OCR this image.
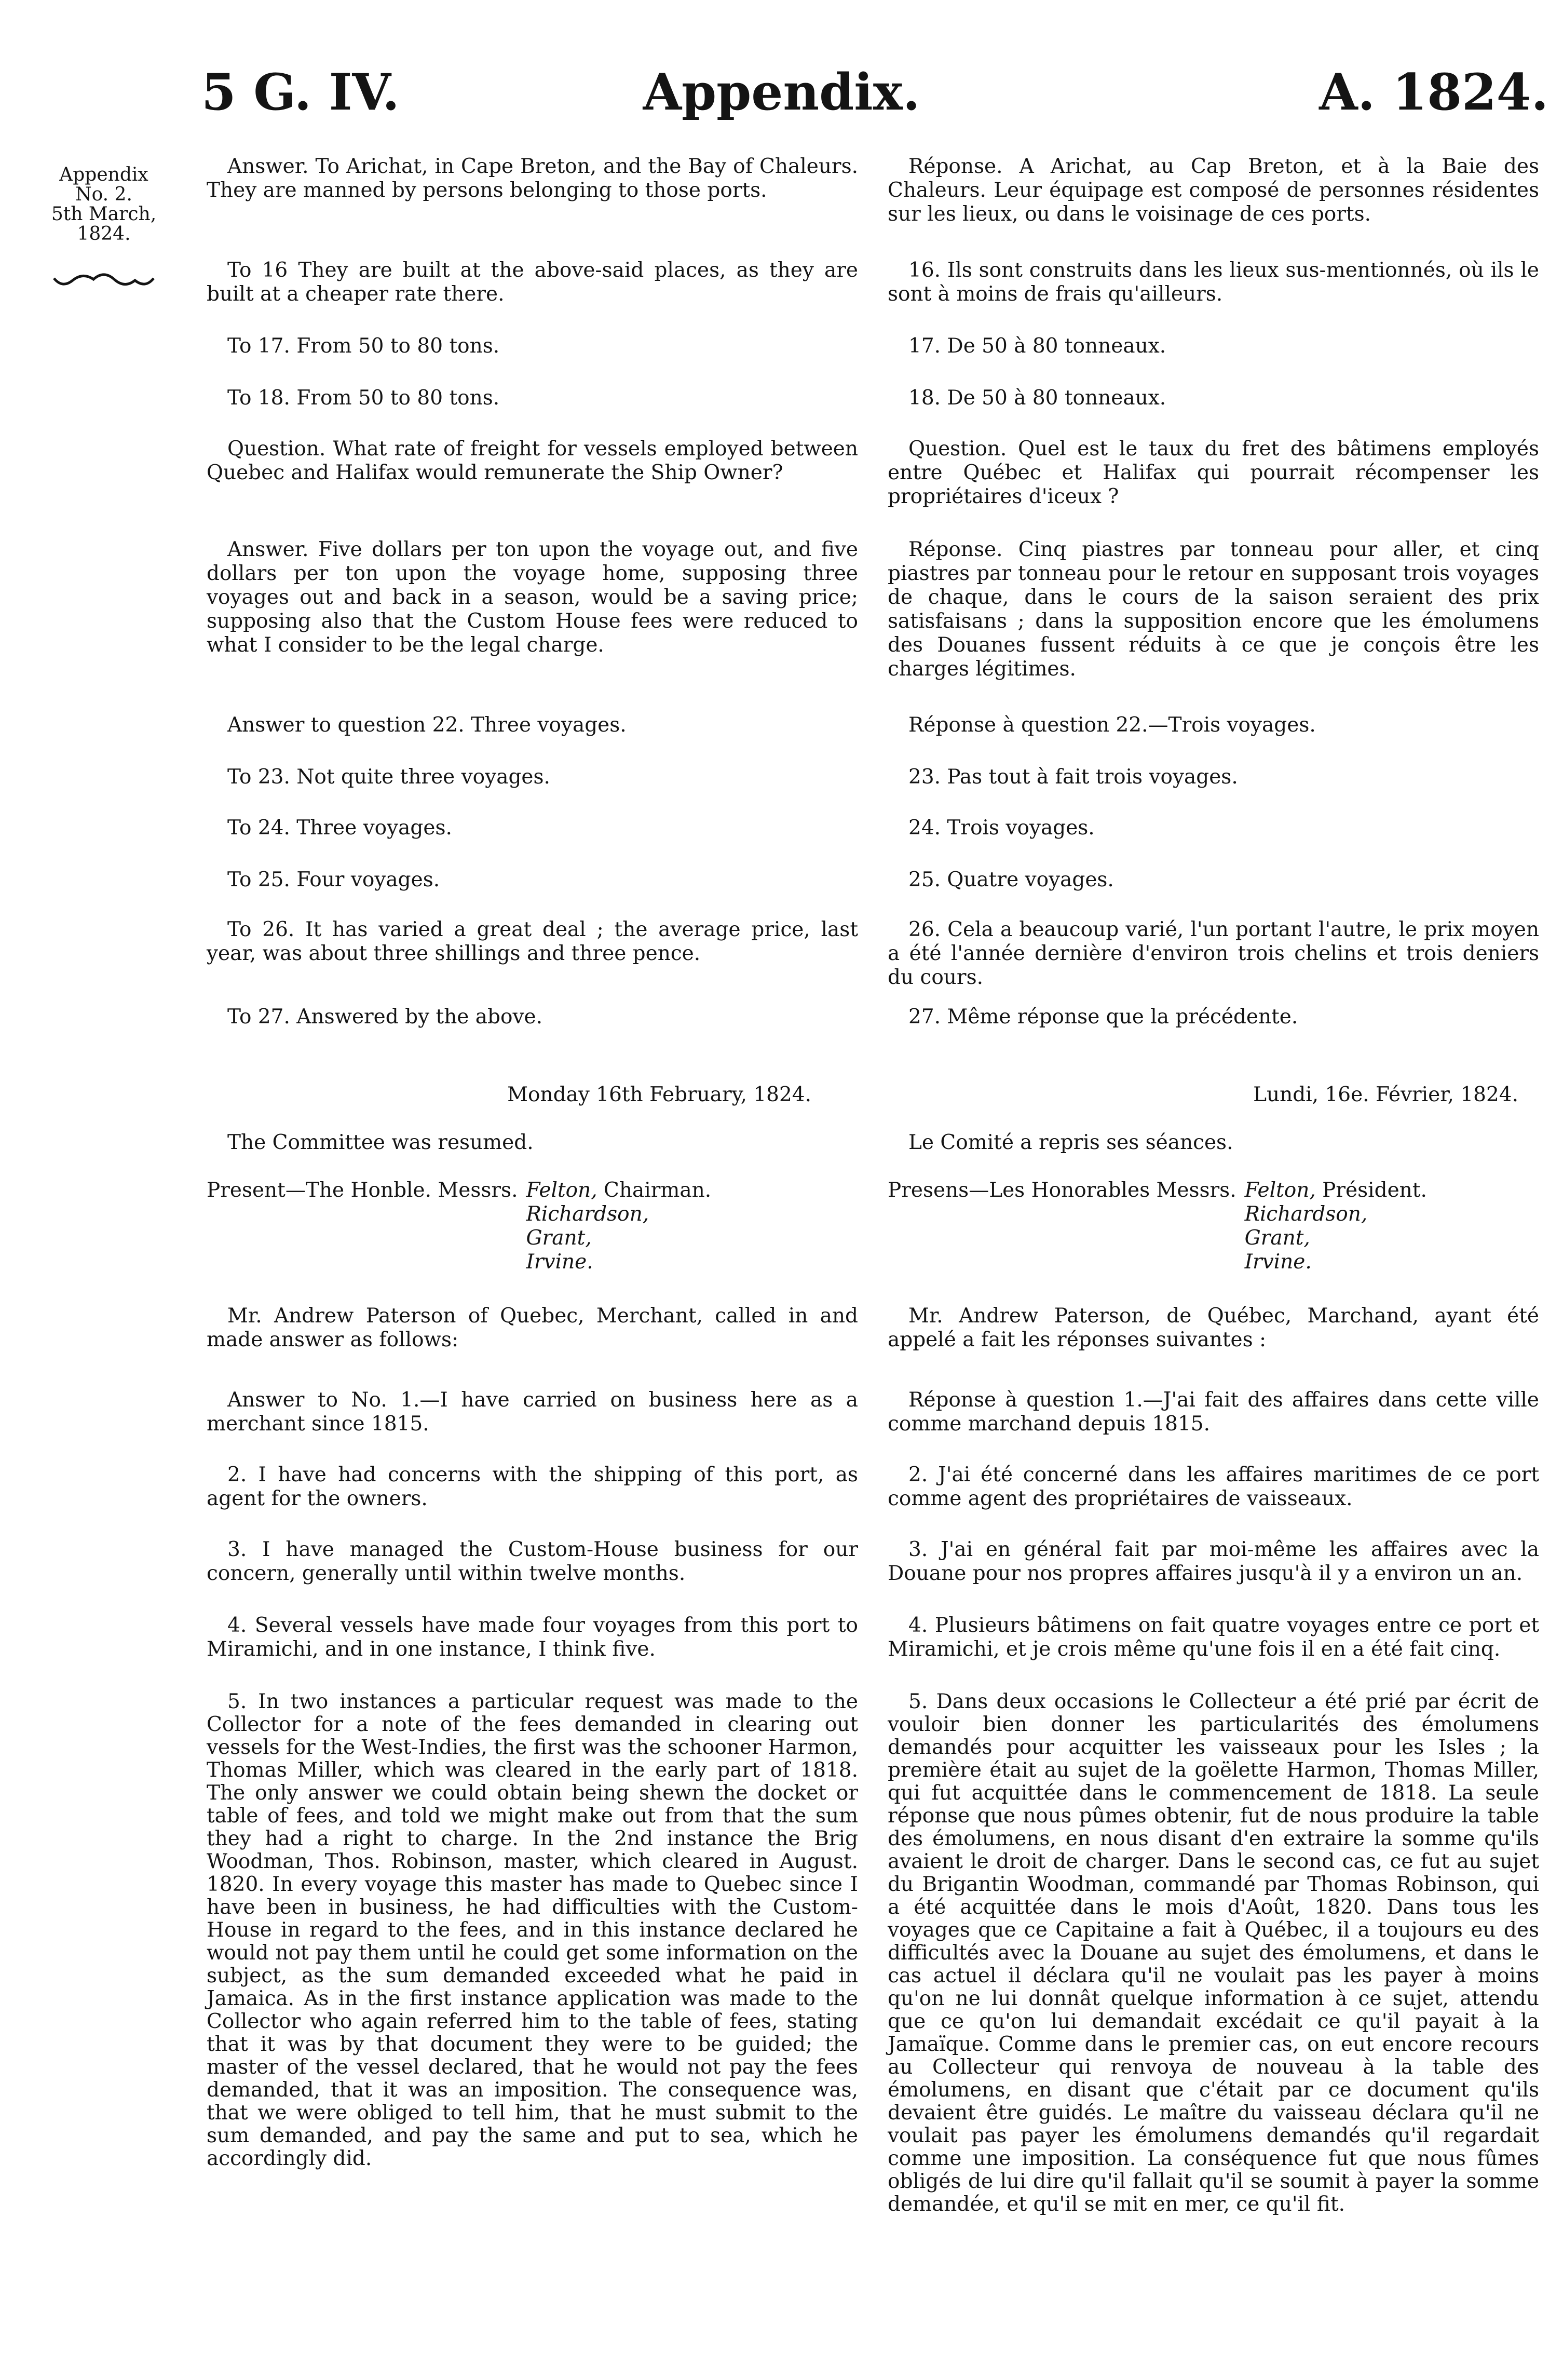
5 G. IV.	Appendix.	A. 1824.
Appendix
No. 2.
5th March,
1824.

Answer. To Arichat, in Cape Breton, and the Bay of Chaleurs. They are manned by persons belonging to those ports.

To 16 They are built at the above-said places, as they are built at a cheaper rate there.

To 17. From 50 to 80 tons.

To 18. From 50 to 80 tons.

Question. What rate of freight for vessels employed between Quebec and Halifax would remunerate the Ship Owner?

Answer. Five dollars per ton upon the voyage out, and five dollars per ton upon the voyage home, supposing three voyages out and back in a season, would be a saving price; supposing also that the Custom House fees were reduced to what I consider to be the legal charge.

Answer to question 22. Three voyages.

To 23. Not quite three voyages.

To 24. Three voyages.

To 25. Four voyages.

To 26. It has varied a great deal ; the average price, last year, was about three shillings and three pence.

To 27. Answered by the above.

Monday 16th February, 1824.

The Committee was resumed.

Present—The Honble. Messrs. Felton, Chairman.
Richardson,
Grant,
Irvine.

Mr. Andrew Paterson of Quebec, Merchant, called in and made answer as follows:

Answer to No. 1.—I have carried on business here as a merchant since 1815.

2. I have had concerns with the shipping of this port, as agent for the owners.

3. I have managed the Custom-House business for our concern, generally until within twelve months.

4. Several vessels have made four voyages from this port to Miramichi, and in one instance, I think five.

5. In two instances a particular request was made to the Collector for a note of the fees demanded in clearing out vessels for the West-Indies, the first was the schooner Harmon, Thomas Miller, which was cleared in the early part of 1818. The only answer we could obtain being shewn the docket or table of fees, and told we might make out from that the sum they had a right to charge. In the 2nd instance the Brig Woodman, Thos. Robinson, master, which cleared in August. 1820. In every voyage this master has made to Quebec since I have been in business, he had difficulties with the Custom-House in regard to the fees, and in this instance declared he would not pay them until he could get some information on the subject, as the sum demanded exceeded what he paid in Jamaica. As in the first instance application was made to the Collector who again referred him to the table of fees, stating that it was by that document they were to be guided; the master of the vessel declared, that he would not pay the fees demanded, that it was an imposition. The consequence was, that we were obliged to tell him, that he must submit to the sum demanded, and pay the same and put to sea, which he accordingly did.

Réponse. A Arichat, au Cap Breton, et à la Baie des Chaleurs. Leur équipage est composé de personnes résidentes sur les lieux, ou dans le voisinage de ces ports.

16. Ils sont construits dans les lieux sus-mentionnés, où ils le sont à moins de frais qu'ailleurs.

17. De 50 à 80 tonneaux.

18. De 50 à 80 tonneaux.

Question. Quel est le taux du fret des bâtimens employés entre Québec et Halifax qui pourrait récompenser les propriétaires d'iceux ?

Réponse. Cinq piastres par tonneau pour aller, et cinq piastres par tonneau pour le retour en supposant trois voyages de chaque, dans le cours de la saison seraient des prix satisfaisans ; dans la supposition encore que les émolumens des Douanes fussent réduits à ce que je conçois être les charges légitimes.

Réponse à question 22.—Trois voyages.

23. Pas tout à fait trois voyages.

24. Trois voyages.

25. Quatre voyages.

26. Cela a beaucoup varié, l'un portant l'autre, le prix moyen a été l'année dernière d'environ trois chelins et trois deniers du cours.

27. Même réponse que la précédente.

Lundi, 16e. Février, 1824.

Le Comité a repris ses séances.

Presens—Les Honorables Messrs. Felton, Président.
Richardson,
Grant,
Irvine.

Mr. Andrew Paterson, de Québec, Marchand, ayant été appelé a fait les réponses suivantes :

Réponse à question 1.—J'ai fait des affaires dans cette ville comme marchand depuis 1815.

2. J'ai été concerné dans les affaires maritimes de ce port comme agent des propriétaires de vaisseaux.

3. J'ai en général fait par moi-même les affaires avec la Douane pour nos propres affaires jusqu'à il y a environ un an.

4. Plusieurs bâtimens on fait quatre voyages entre ce port et Miramichi, et je crois même qu'une fois il en a été fait cinq.

5. Dans deux occasions le Collecteur a été prié par écrit de vouloir bien donner les particularités des émolumens demandés pour acquitter les vaisseaux pour les Isles ; la première était au sujet de la goëlette Harmon, Thomas Miller, qui fut acquittée dans le commencement de 1818. La seule réponse que nous pûmes obtenir, fut de nous produire la table des émolumens, en nous disant d'en extraire la somme qu'ils avaient le droit de charger. Dans le second cas, ce fut au sujet du Brigantin Woodman, commandé par Thomas Robinson, qui a été acquittée dans le mois d'Août, 1820. Dans tous les voyages que ce Capitaine a fait à Québec, il a toujours eu des difficultés avec la Douane au sujet des émolumens, et dans le cas actuel il déclara qu'il ne voulait pas les payer à moins qu'on ne lui donnât quelque information à ce sujet, attendu que ce qu'on lui demandait excédait ce qu'il payait à la Jamaïque. Comme dans le premier cas, on eut encore recours au Collecteur qui renvoya de nouveau à la table des émolumens, en disant que c'était par ce document qu'ils devaient être guidés. Le maître du vaisseau déclara qu'il ne voulait pas payer les émolumens demandés qu'il regardait comme une imposition. La conséquence fut que nous fûmes obligés de lui dire qu'il fallait qu'il se soumit à payer la somme demandée, et qu'il se mit en mer, ce qu'il fit.
